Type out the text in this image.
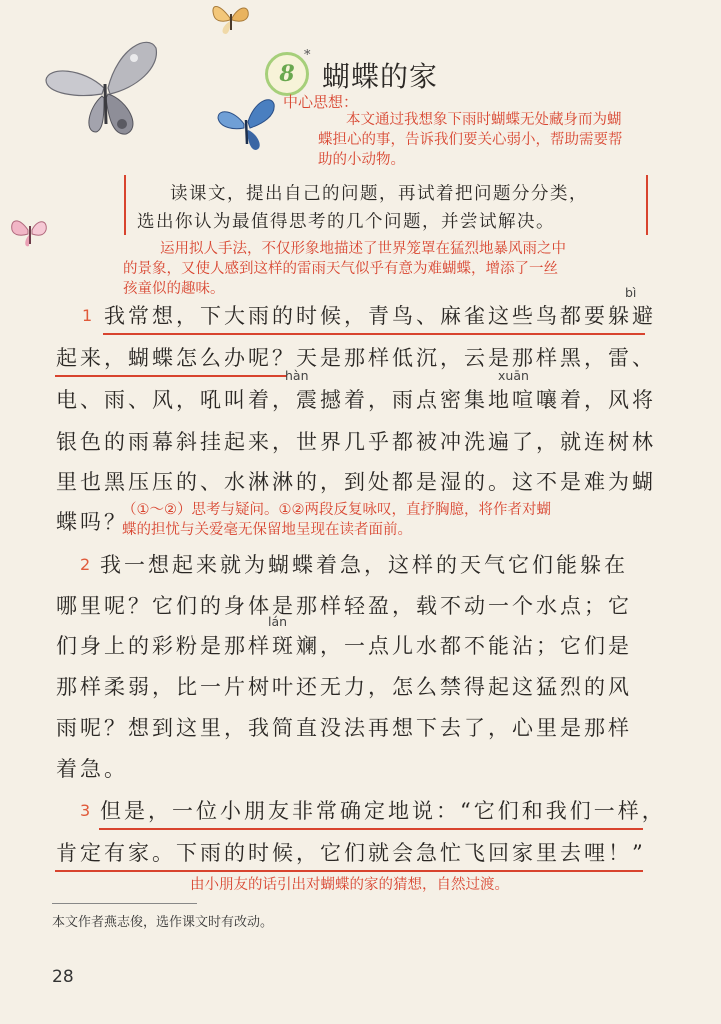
8
*
蝴蝶的家
中心思想：
本文通过我想象下雨时蝴蝶无处藏身而为蝴
蝶担心的事，告诉我们要关心弱小，帮助需要帮
助的小动物。
读课文，提出自己的问题，再试着把问题分分类，
选出你认为最值得思考的几个问题，并尝试解决。
运用拟人手法，不仅形象地描述了世界笼罩在猛烈地暴风雨之中
的景象，又使人感到这样的雷雨天气似乎有意为难蝴蝶，增添了一丝
孩童似的趣味。	bì
1 我常想，下大雨的时候，青鸟、麻雀这些鸟都要躲避
起来，蝴蝶怎么办呢？天是那样低沉，云是那样黑，雷、
hàn	xuān
电、雨、风，吼叫着，震撼着，雨点密集地喧嚷着，风将
银色的雨幕斜挂起来，世界几乎都被冲洗遍了，就连树林
里也黑压压的、水淋淋的，到处都是湿的。这不是难为蝴
蝶吗？
（①～②）思考与疑问。①②两段反复咏叹，直抒胸臆，将作者对蝴
蝶的担忧与关爱毫无保留地呈现在读者面前。
2 我一想起来就为蝴蝶着急，这样的天气它们能躲在
哪里呢？它们的身体是那样轻盈，载不动一个水点；它
lán
们身上的彩粉是那样斑斓，一点儿水都不能沾；它们是
那样柔弱，比一片树叶还无力，怎么禁得起这猛烈的风
雨呢？想到这里，我简直没法再想下去了，心里是那样
着急。
3 但是，一位小朋友非常确定地说：“它们和我们一样，
肯定有家。下雨的时候，它们就会急忙飞回家里去哩！”
由小朋友的话引出对蝴蝶的家的猜想，自然过渡。
本文作者燕志俊，选作课文时有改动。
28
